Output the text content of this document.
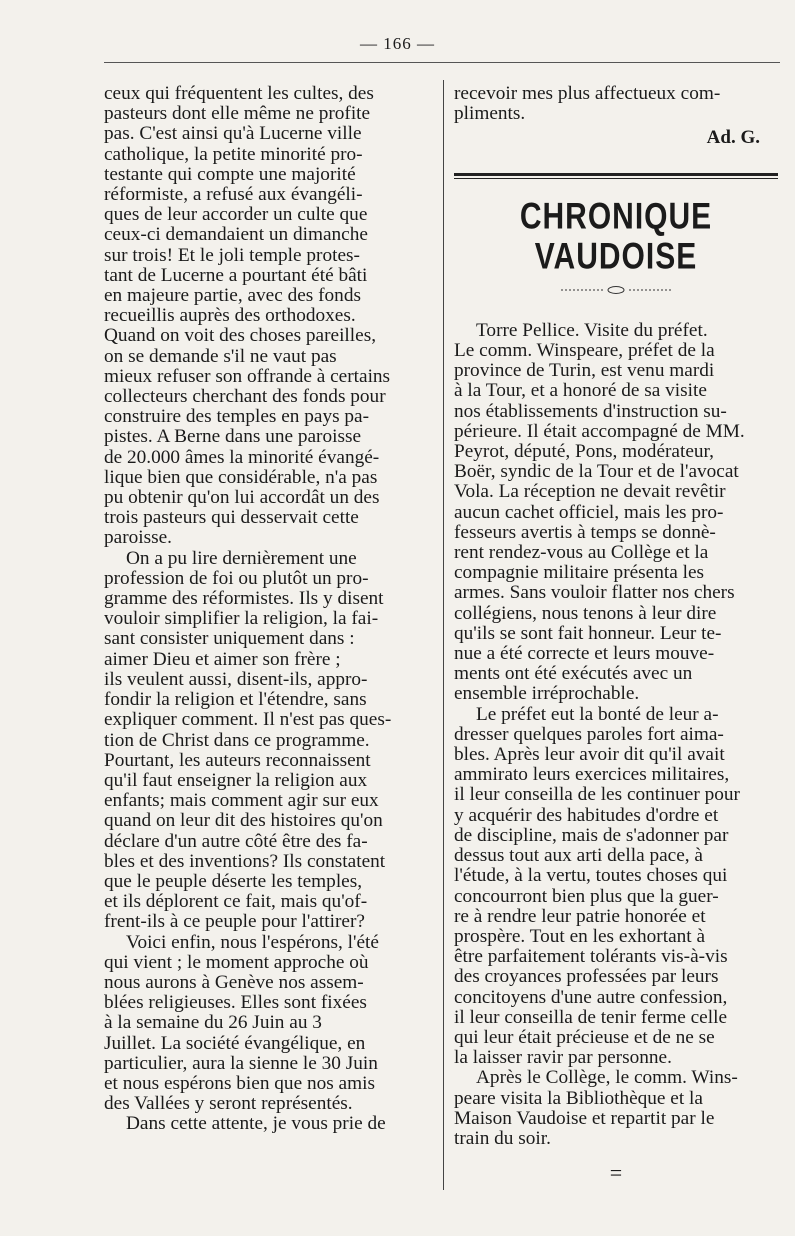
— 166 —

ceux qui fréquentent les cultes, des
pasteurs dont elle même ne profite
pas. C'est ainsi qu'à Lucerne ville
catholique, la petite minorité pro-
testante qui compte une majorité
réformiste, a refusé aux évangéli-
ques de leur accorder un culte que
ceux-ci demandaient un dimanche
sur trois! Et le joli temple protes-
tant de Lucerne a pourtant été bâti
en majeure partie, avec des fonds
recueillis auprès des orthodoxes.
Quand on voit des choses pareilles,
on se demande s'il ne vaut pas
mieux refuser son offrande à certains
collecteurs cherchant des fonds pour
construire des temples en pays pa-
pistes. A Berne dans une paroisse
de 20.000 âmes la minorité évangé-
lique bien que considérable, n'a pas
pu obtenir qu'on lui accordât un des
trois pasteurs qui desservait cette
paroisse.

On a pu lire dernièrement une
profession de foi ou plutôt un pro-
gramme des réformistes. Ils y disent
vouloir simplifier la religion, la fai-
sant consister uniquement dans :
aimer Dieu et aimer son frère ;
ils veulent aussi, disent-ils, appro-
fondir la religion et l'étendre, sans
expliquer comment. Il n'est pas ques-
tion de Christ dans ce programme.
Pourtant, les auteurs reconnaissent
qu'il faut enseigner la religion aux
enfants; mais comment agir sur eux
quand on leur dit des histoires qu'on
déclare d'un autre côté être des fa-
bles et des inventions? Ils constatent
que le peuple déserte les temples,
et ils déplorent ce fait, mais qu'of-
frent-ils à ce peuple pour l'attirer?

Voici enfin, nous l'espérons, l'été
qui vient ; le moment approche où
nous aurons à Genève nos assem-
blées religieuses. Elles sont fixées
à la semaine du 26 Juin au 3
Juillet. La société évangélique, en
particulier, aura la sienne le 30 Juin
et nous espérons bien que nos amis
des Vallées y seront représentés.

Dans cette attente, je vous prie de

recevoir mes plus affectueux com-
pliments.
Ad. G.
CHRONIQUE VAUDOISE

Torre Pellice. Visite du préfet.
Le comm. Winspeare, préfet de la
province de Turin, est venu mardi
à la Tour, et a honoré de sa visite
nos établissements d'instruction su-
périeure. Il était accompagné de MM.
Peyrot, député, Pons, modérateur,
Boër, syndic de la Tour et de l'avocat
Vola. La réception ne devait revêtir
aucun cachet officiel, mais les pro-
fesseurs avertis à temps se donnè-
rent rendez-vous au Collège et la
compagnie militaire présenta les
armes. Sans vouloir flatter nos chers
collégiens, nous tenons à leur dire
qu'ils se sont fait honneur. Leur te-
nue a été correcte et leurs mouve-
ments ont été exécutés avec un
ensemble irréprochable.

Le préfet eut la bonté de leur a-
dresser quelques paroles fort aima-
bles. Après leur avoir dit qu'il avait
ammirato leurs exercices militaires,
il leur conseilla de les continuer pour
y acquérir des habitudes d'ordre et
de discipline, mais de s'adonner par
dessus tout aux arti della pace, à
l'étude, à la vertu, toutes choses qui
concourront bien plus que la guer-
re à rendre leur patrie honorée et
prospère. Tout en les exhortant à
être parfaitement tolérants vis-à-vis
des croyances professées par leurs
concitoyens d'une autre confession,
il leur conseilla de tenir ferme celle
qui leur était précieuse et de ne se
la laisser ravir par personne.

Après le Collège, le comm. Wins-
peare visita la Bibliothèque et la
Maison Vaudoise et repartit par le
train du soir.

=
